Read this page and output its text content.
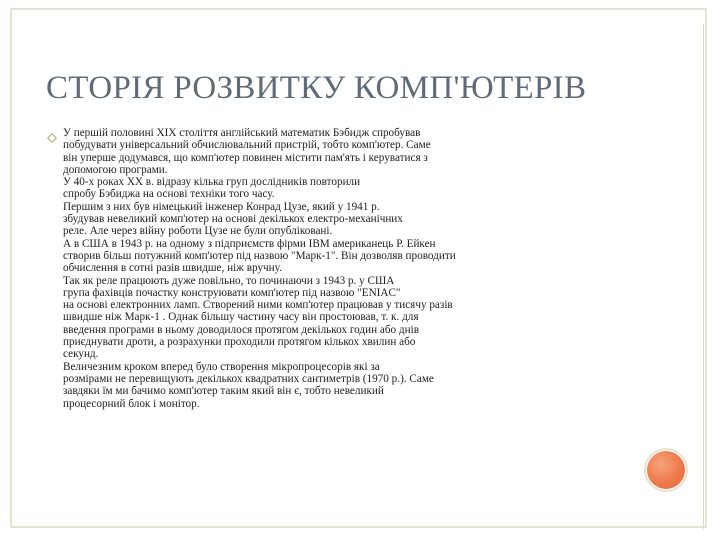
СТОРІЯ РОЗВИТКУ КОМП'ЮТЕРІВ

У першій половині XIX століття англійський математик Бэбидж спробував
побудувати універсальний обчислювальний пристрій, тобто комп'ютер. Саме
він уперше додумався, що комп'ютер повинен містити пам'ять і керуватися з
допомогою програми.
У 40-х роках XX в. відразу кілька груп дослідників повторили
спробу Бэбиджа на основі техніки того часу.
Першим з них був німецький інженер Конрад Цузе, який у 1941 р.
збудував невеликий комп'ютер на основі декількох електро-механічних
реле. Але через війну роботи Цузе не були опубліковані.
А в США в 1943 р. на одному з підприємств фірми IBM американець Р. Ейкен
створив більш потужний комп'ютер під назвою "Марк-1". Він дозволяв проводити
обчислення в сотні разів швидше, ніж вручну.
Так як реле працюють дуже повільно, то починаючи з 1943 р. у США
група фахівців почастку конструювати комп'ютер під назвою "ENIAC"
на основі електронних ламп. Створений ними комп'ютер працював у тисячу разів
швидше ніж Марк-1 . Однак більшу частину часу він простоював, т. к. для
введення програми в ньому доводилося протягом декількох годин або днів
приєднувати дроти, а розрахунки проходили протягом кількох хвилин або
секунд.
Величезним кроком вперед було створення мікропроцесорів які за
розмірами не перевищують декількох квадратних сантиметрів (1970 р.). Саме
завдяки їм ми бачимо комп'ютер таким який він є, тобто невеликий
процесорний блок і монітор.
